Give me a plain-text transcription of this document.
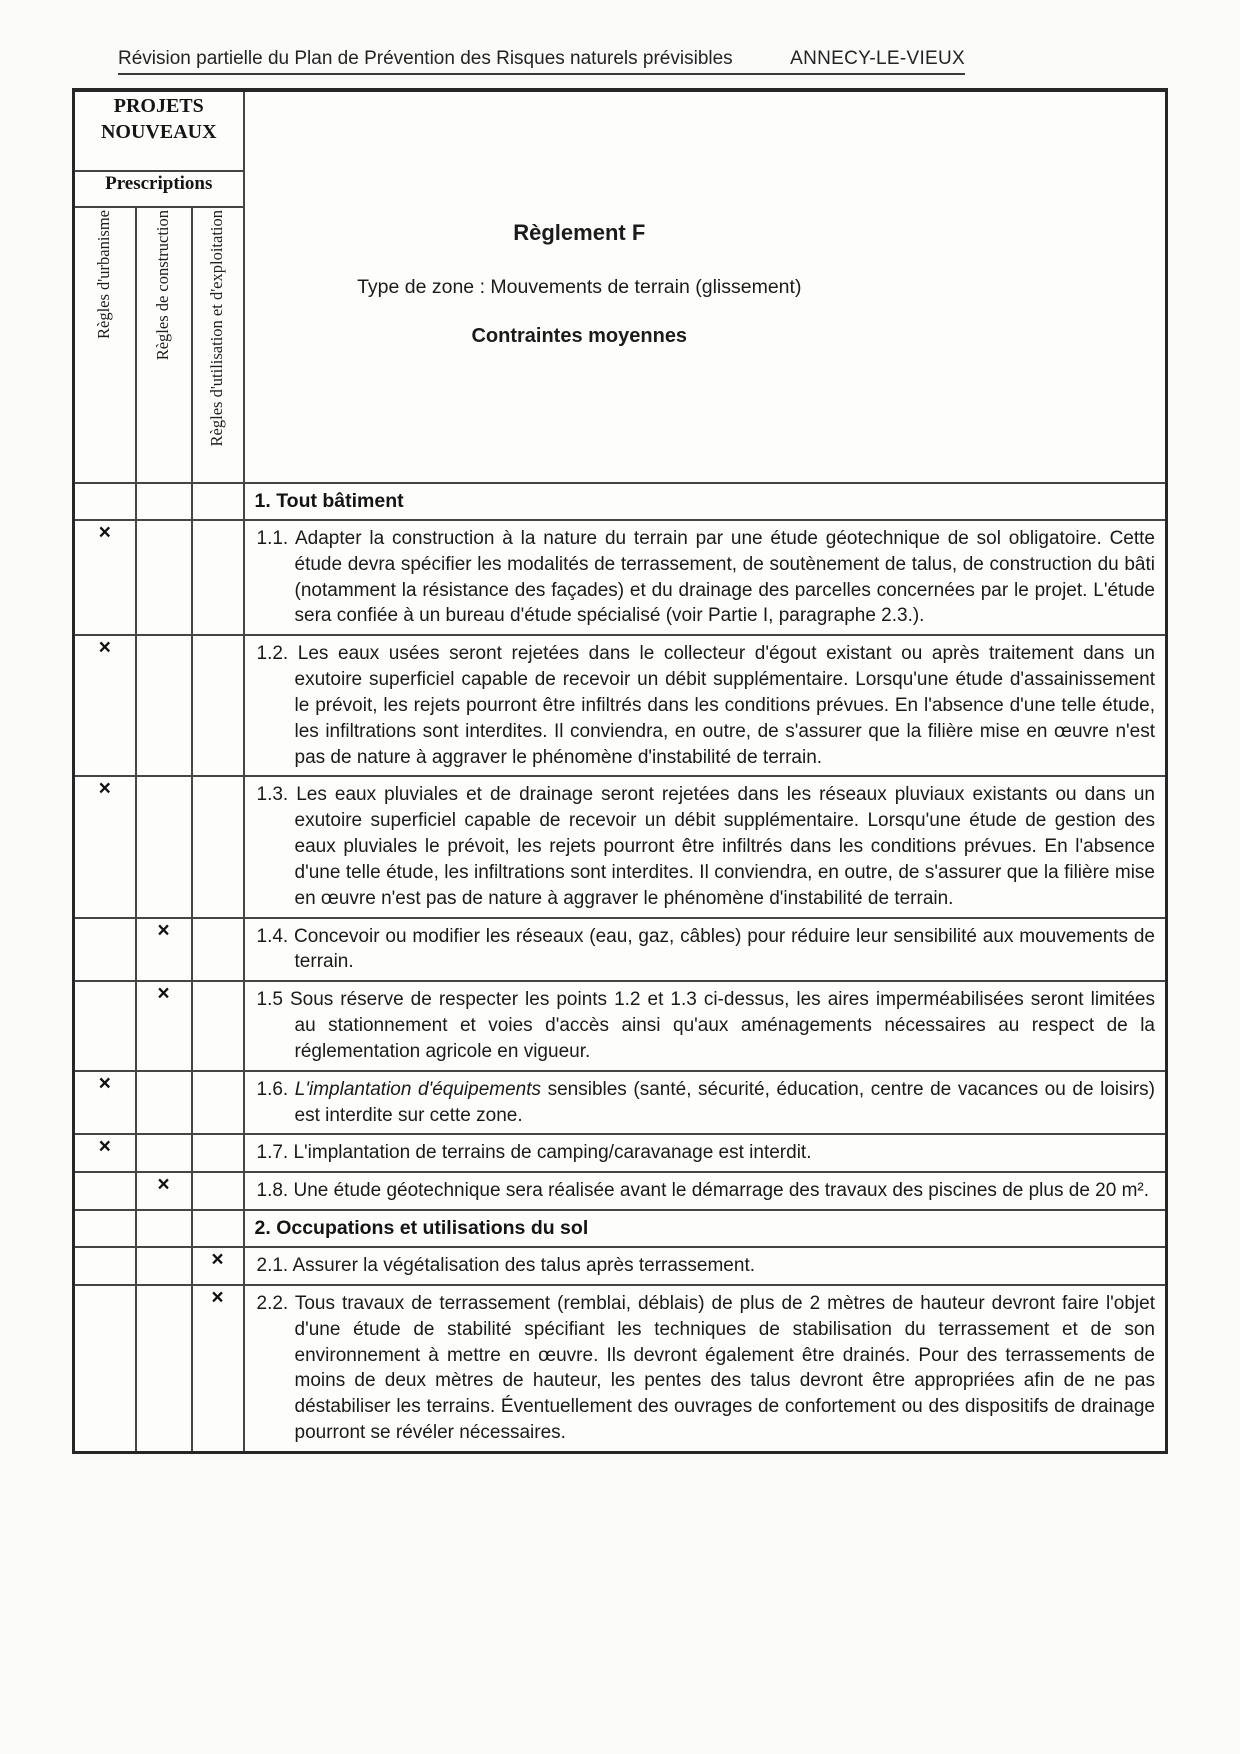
Révision partielle du Plan de Prévention des Risques naturels prévisibles	ANNECY-LE-VIEUX
PROJETS NOUVEAUX			Règlement F

Type de zone : Mouvements de terrain (glissement)

Contraintes moyennes

Prescriptions			
Règles d'urbanisme	Règles de construction	Règles d'utilisation et d'exploitation	

			1. Tout bâtiment

×			1.1. Adapter la construction à la nature du terrain par une étude géotechnique de sol obligatoire. Cette étude devra spécifier les modalités de terrassement, de soutènement de talus, de construction du bâti (notamment la résistance des façades) et du drainage des parcelles concernées par le projet. L'étude sera confiée à un bureau d'étude spécialisé (voir Partie I, paragraphe 2.3.).

×			1.2. Les eaux usées seront rejetées dans le collecteur d'égout existant ou après traitement dans un exutoire superficiel capable de recevoir un débit supplémentaire. Lorsqu'une étude d'assainissement le prévoit, les rejets pourront être infiltrés dans les conditions prévues. En l'absence d'une telle étude, les infiltrations sont interdites. Il conviendra, en outre, de s'assurer que la filière mise en œuvre n'est pas de nature à aggraver le phénomène d'instabilité de terrain.

×			1.3. Les eaux pluviales et de drainage seront rejetées dans les réseaux pluviaux existants ou dans un exutoire superficiel capable de recevoir un débit supplémentaire. Lorsqu'une étude de gestion des eaux pluviales le prévoit, les rejets pourront être infiltrés dans les conditions prévues. En l'absence d'une telle étude, les infiltrations sont interdites. Il conviendra, en outre, de s'assurer que la filière mise en œuvre n'est pas de nature à aggraver le phénomène d'instabilité de terrain.

	×		1.4. Concevoir ou modifier les réseaux (eau, gaz, câbles) pour réduire leur sensibilité aux mouvements de terrain.

	×		1.5 Sous réserve de respecter les points 1.2 et 1.3 ci-dessus, les aires imperméabilisées seront limitées au stationnement et voies d'accès ainsi qu'aux aménagements nécessaires au respect de la réglementation agricole en vigueur.

×			1.6. L'implantation d'équipements sensibles (santé, sécurité, éducation, centre de vacances ou de loisirs) est interdite sur cette zone.

×			1.7. L'implantation de terrains de camping/caravanage est interdit.

	×		1.8. Une étude géotechnique sera réalisée avant le démarrage des travaux des piscines de plus de 20 m².

			2. Occupations et utilisations du sol

		×	2.1. Assurer la végétalisation des talus après terrassement.

		×	2.2. Tous travaux de terrassement (remblai, déblais) de plus de 2 mètres de hauteur devront faire l'objet d'une étude de stabilité spécifiant les techniques de stabilisation du terrassement et de son environnement à mettre en œuvre. Ils devront également être drainés. Pour des terrassements de moins de deux mètres de hauteur, les pentes des talus devront être appropriées afin de ne pas déstabiliser les terrains. Éventuellement des ouvrages de confortement ou des dispositifs de drainage pourront se révéler nécessaires.
